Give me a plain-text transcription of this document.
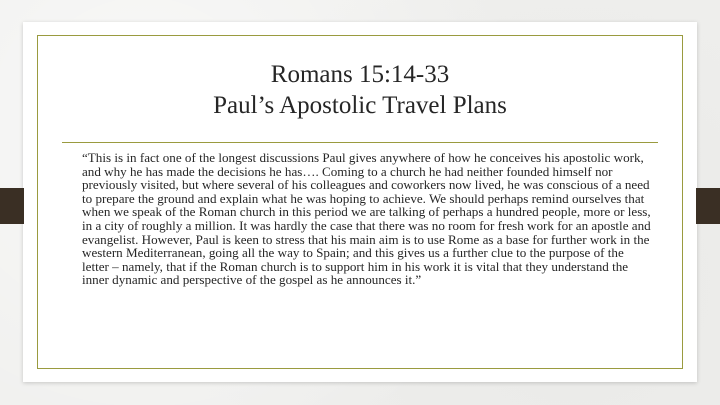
Romans 15:14-33
Paul’s Apostolic Travel Plans

“This is in fact one of the longest discussions Paul gives anywhere of how he conceives his apostolic work, and why he has made the decisions he has…. Coming to a church he had neither founded himself nor previously visited, but where several of his colleagues and coworkers now lived, he was conscious of a need to prepare the ground and explain what he was hoping to achieve. We should perhaps remind ourselves that when we speak of the Roman church in this period we are talking of perhaps a hundred people, more or less, in a city of roughly a million. It was hardly the case that there was no room for fresh work for an apostle and evangelist. However, Paul is keen to stress that his main aim is to use Rome as a base for further work in the western Mediterranean, going all the way to Spain; and this gives us a further clue to the purpose of the letter – namely, that if the Roman church is to support him in his work it is vital that they understand the inner dynamic and perspective of the gospel as he announces it.”
